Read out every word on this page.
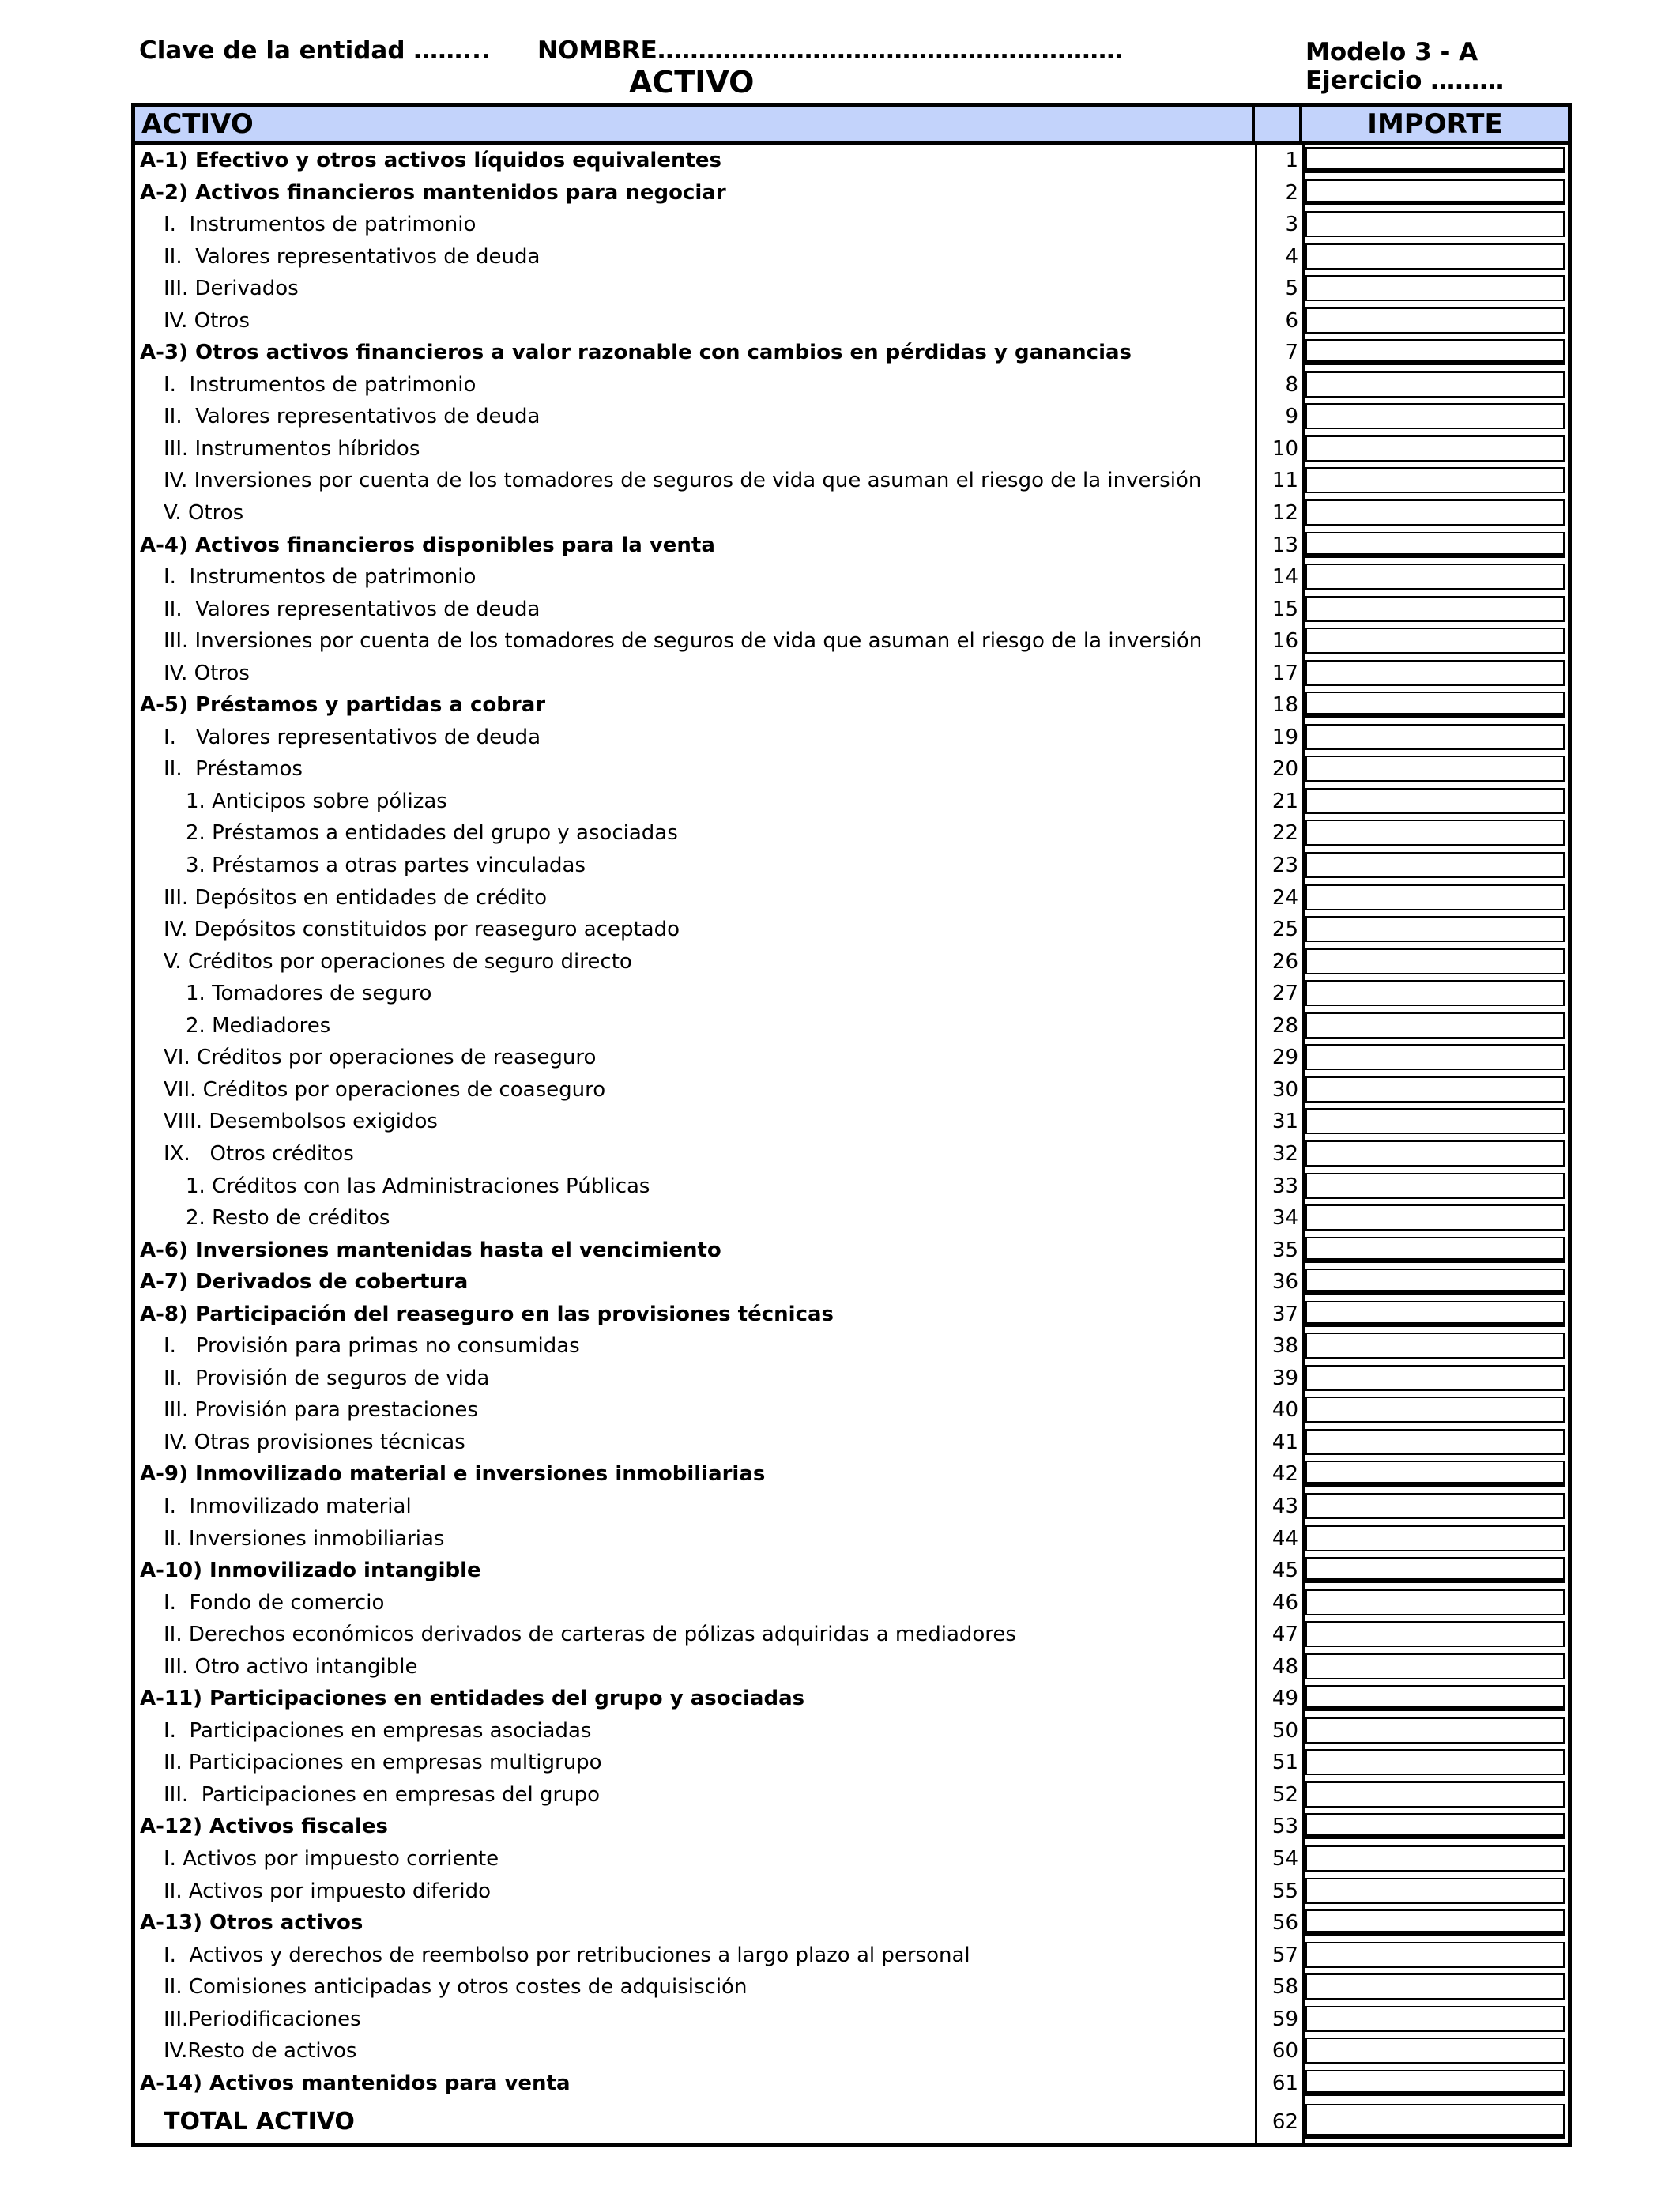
Clave de la entidad ……... NOMBRE…………………………………………………	Modelo 3 - A
Ejercicio ………
ACTIVO
ACTIVO	IMPORTE
A-1) Efectivo y otros activos líquidos equivalentes	1
A-2) Activos financieros mantenidos para negociar	2
I.  Instrumentos de patrimonio	3
II.  Valores representativos de deuda	4
III. Derivados	5
IV. Otros	6
A-3) Otros activos financieros a valor razonable con cambios en pérdidas y ganancias	7
I.  Instrumentos de patrimonio	8
II.  Valores representativos de deuda	9
III. Instrumentos híbridos	10
IV. Inversiones por cuenta de los tomadores de seguros de vida que asuman el riesgo de la inversión	11
V. Otros	12
A-4) Activos financieros disponibles para la venta	13
I.  Instrumentos de patrimonio	14
II.  Valores representativos de deuda	15
III. Inversiones por cuenta de los tomadores de seguros de vida que asuman el riesgo de la inversión	16
IV. Otros	17
A-5) Préstamos y partidas a cobrar	18
I.   Valores representativos de deuda	19
II.  Préstamos	20
1. Anticipos sobre pólizas	21
2. Préstamos a entidades del grupo y asociadas	22
3. Préstamos a otras partes vinculadas	23
III. Depósitos en entidades de crédito	24
IV. Depósitos constituidos por reaseguro aceptado	25
V. Créditos por operaciones de seguro directo	26
1. Tomadores de seguro	27
2. Mediadores	28
VI. Créditos por operaciones de reaseguro	29
VII. Créditos por operaciones de coaseguro	30
VIII. Desembolsos exigidos	31
IX.   Otros créditos	32
1. Créditos con las Administraciones Públicas	33
2. Resto de créditos	34
A-6) Inversiones mantenidas hasta el vencimiento	35
A-7) Derivados de cobertura	36
A-8) Participación del reaseguro en las provisiones técnicas	37
I.   Provisión para primas no consumidas	38
II.  Provisión de seguros de vida	39
III. Provisión para prestaciones	40
IV. Otras provisiones técnicas	41
A-9) Inmovilizado material e inversiones inmobiliarias	42
I.  Inmovilizado material	43
II. Inversiones inmobiliarias	44
A-10) Inmovilizado intangible	45
I.  Fondo de comercio	46
II. Derechos económicos derivados de carteras de pólizas adquiridas a mediadores	47
III. Otro activo intangible	48
A-11) Participaciones en entidades del grupo y asociadas	49
I.  Participaciones en empresas asociadas	50
II. Participaciones en empresas multigrupo	51
III.  Participaciones en empresas del grupo	52
A-12) Activos fiscales	53
I. Activos por impuesto corriente	54
II. Activos por impuesto diferido	55
A-13) Otros activos	56
I.  Activos y derechos de reembolso por retribuciones a largo plazo al personal	57
II. Comisiones anticipadas y otros costes de adquisisción	58
III.Periodificaciones	59
IV.Resto de activos	60
A-14) Activos mantenidos para venta	61
TOTAL ACTIVO	62
